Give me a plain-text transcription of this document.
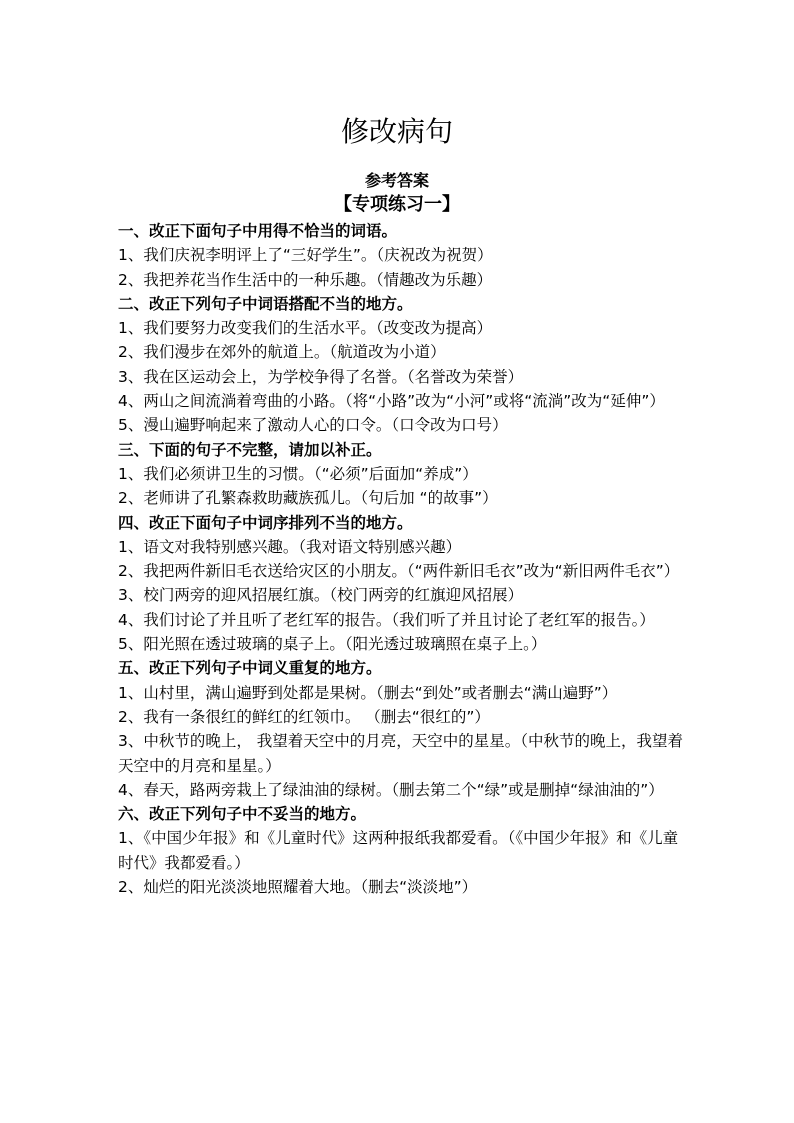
修改病句
参考答案
【专项练习一】
一、改正下面句子中用得不恰当的词语。
1、我们庆祝李明评上了“三好学生”。（庆祝改为祝贺）
2、我把养花当作生活中的一种乐趣。（情趣改为乐趣）
二、改正下列句子中词语搭配不当的地方。
1、我们要努力改变我们的生活水平。（改变改为提高）
2、我们漫步在郊外的航道上。（航道改为小道）
3、我在区运动会上，为学校争得了名誉。（名誉改为荣誉）
4、两山之间流淌着弯曲的小路。（将“小路”改为“小河”或将“流淌”改为“延伸”）
5、漫山遍野响起来了激动人心的口令。（口令改为口号）
三、下面的句子不完整，请加以补正。
1、我们必须讲卫生的习惯。（“必须”后面加“养成”）
2、老师讲了孔繁森救助藏族孤儿。（句后加 “的故事”）
四、改正下面句子中词序排列不当的地方。
1、语文对我特别感兴趣。（我对语文特别感兴趣）
2、我把两件新旧毛衣送给灾区的小朋友。（“两件新旧毛衣”改为“新旧两件毛衣”）
3、校门两旁的迎风招展红旗。（校门两旁的红旗迎风招展）
4、我们讨论了并且听了老红军的报告。（我们听了并且讨论了老红军的报告。）
5、阳光照在透过玻璃的桌子上。（阳光透过玻璃照在桌子上。）
五、改正下列句子中词义重复的地方。
1、山村里，满山遍野到处都是果树。（删去“到处”或者删去“满山遍野”）
2、我有一条很红的鲜红的红领巾。 （删去“很红的”）
3、中秋节的晚上， 我望着天空中的月亮，天空中的星星。（中秋节的晚上，我望着天空中的月亮和星星。）
4、春天，路两旁栽上了绿油油的绿树。（删去第二个“绿”或是删掉“绿油油的”）
六、改正下列句子中不妥当的地方。
1、《中国少年报》和《儿童时代》这两种报纸我都爱看。（《中国少年报》和《儿童时代》我都爱看。）
2、灿烂的阳光淡淡地照耀着大地。（删去“淡淡地”）
